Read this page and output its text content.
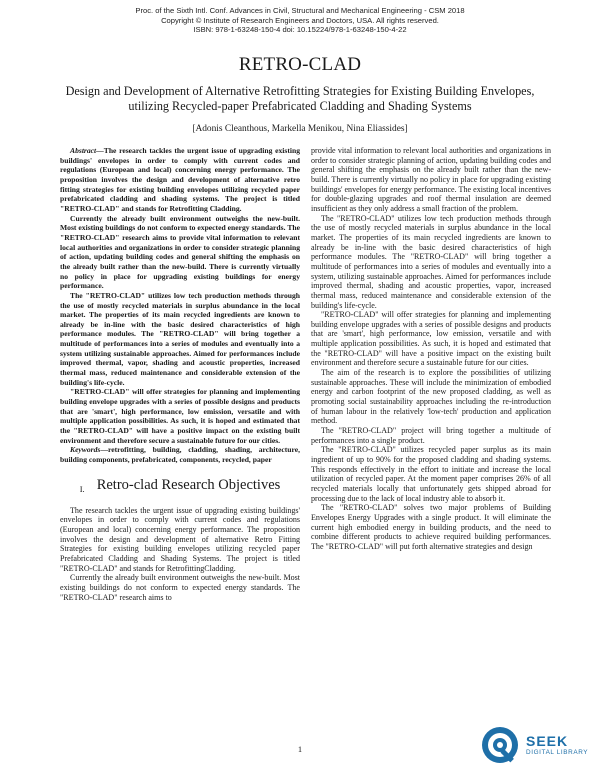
Proc. of the Sixth Intl. Conf. Advances in Civil, Structural and Mechanical Engineering - CSM 2018
Copyright © Institute of Research Engineers and Doctors, USA. All rights reserved.
ISBN: 978-1-63248-150-4 doi: 10.15224/978-1-63248-150-4-22
RETRO-CLAD
Design and Development of Alternative Retrofitting Strategies for Existing Building Envelopes, utilizing Recycled-paper Prefabricated Cladding and Shading Systems
[Adonis Cleanthous, Markella Menikou, Nina Eliassides]

Abstract—The research tackles the urgent issue of upgrading existing buildings' envelopes in order to comply with current codes and regulations (European and local) concerning energy performance. The proposition involves the design and development of alternative retro fitting strategies for existing building envelopes utilizing recycled paper prefabricated cladding and shading systems. The project is titled "RETRO-CLAD" and stands for Retrofitting Cladding.

Currently the already built environment outweighs the new-built. Most existing buildings do not conform to expected energy standards. The "RETRO-CLAD" research aims to provide vital information to relevant local authorities and organizations in order to consider strategic planning of action, updating building codes and general shifting the emphasis on the already built rather than the new-build. There is currently virtually no policy in place for upgrading existing buildings for energy performance.

The "RETRO-CLAD" utilizes low tech production methods through the use of mostly recycled materials in surplus abundance in the local market. The properties of its main recycled ingredients are known to already be in-line with the basic desired characteristics of high performance modules. The "RETRO-CLAD" will bring together a multitude of performances into a series of modules and eventually into a system utilizing sustainable approaches. Aimed for performances include improved thermal, vapor, shading and acoustic properties, increased thermal mass, reduced maintenance and considerable extension of the building's life-cycle.

"RETRO-CLAD" will offer strategies for planning and implementing building envelope upgrades with a series of possible designs and products that are 'smart', high performance, low emission, versatile and with multiple application possibilities. As such, it is hoped and estimated that the "RETRO-CLAD" will have a positive impact on the existing built environment and therefore secure a sustainable future for our cities.

Keywords—retrofitting, building, cladding, shading, architecture, building components, prefabricated, components, recycled, paper

I. Retro-clad Research Objectives

The research tackles the urgent issue of upgrading existing buildings' envelopes in order to comply with current codes and regulations (European and local) concerning energy performance. The proposition involves the design and development of alternative Retro Fitting Strategies for existing building envelopes utilizing recycled paper Prefabricated Cladding and Shading Systems. The project is titled "RETRO-CLAD" and stands for RetrofittingCladding.

Currently the already built environment outweighs the new-built. Most existing buildings do not conform to expected energy standards. The "RETRO-CLAD" research aims to

provide vital information to relevant local authorities and organizations in order to consider strategic planning of action, updating building codes and general shifting the emphasis on the already built rather than the new-build. There is currently virtually no policy in place for upgrading existing buildings' envelopes for energy performance. The existing local incentives for double-glazing upgrades and roof thermal insulation are deemed insufficient as they only address a small fraction of the problem.

The "RETRO-CLAD" utilizes low tech production methods through the use of mostly recycled materials in surplus abundance in the local market. The properties of its main recycled ingredients are known to already be in-line with the basic desired characteristics of high performance modules. The "RETRO-CLAD" will bring together a multitude of performances into a series of modules and eventually into a system, utilizing sustainable approaches. Aimed for performances include improved thermal, shading and acoustic properties, vapor, increased thermal mass, reduced maintenance and considerable extension of the building's life-cycle.

"RETRO-CLAD" will offer strategies for planning and implementing building envelope upgrades with a series of possible designs and products that are 'smart', high performance, low emission, versatile and with multiple application possibilities. As such, it is hoped and estimated that the "RETRO-CLAD" will have a positive impact on the existing built environment and therefore secure a sustainable future for our cities.

The aim of the research is to explore the possibilities of utilizing sustainable approaches. These will include the minimization of embodied energy and carbon footprint of the new proposed cladding, as well as promoting social sustainability approaches including the re-introduction of human labour in the relatively 'low-tech' production and application method.

The "RETRO-CLAD" project will bring together a multitude of performances into a single product.

The "RETRO-CLAD" utilizes recycled paper surplus as its main ingredient of up to 90% for the proposed cladding and shading systems. This responds effectively in the effort to initiate and increase the local utilization of recycled paper. At the moment paper comprises 26% of all recycled materials locally that unfortunately gets shipped abroad for processing due to the lack of local industry able to absorb it.

The "RETRO-CLAD" solves two major problems of Building Envelopes Energy Upgrades with a single product. It will eliminate the current high embodied energy in building products, and the need to combine different products to achieve required building performances. The "RETRO-CLAD" will put forth alternative strategies and design

1
SEEK
DIGITAL LIBRARY
